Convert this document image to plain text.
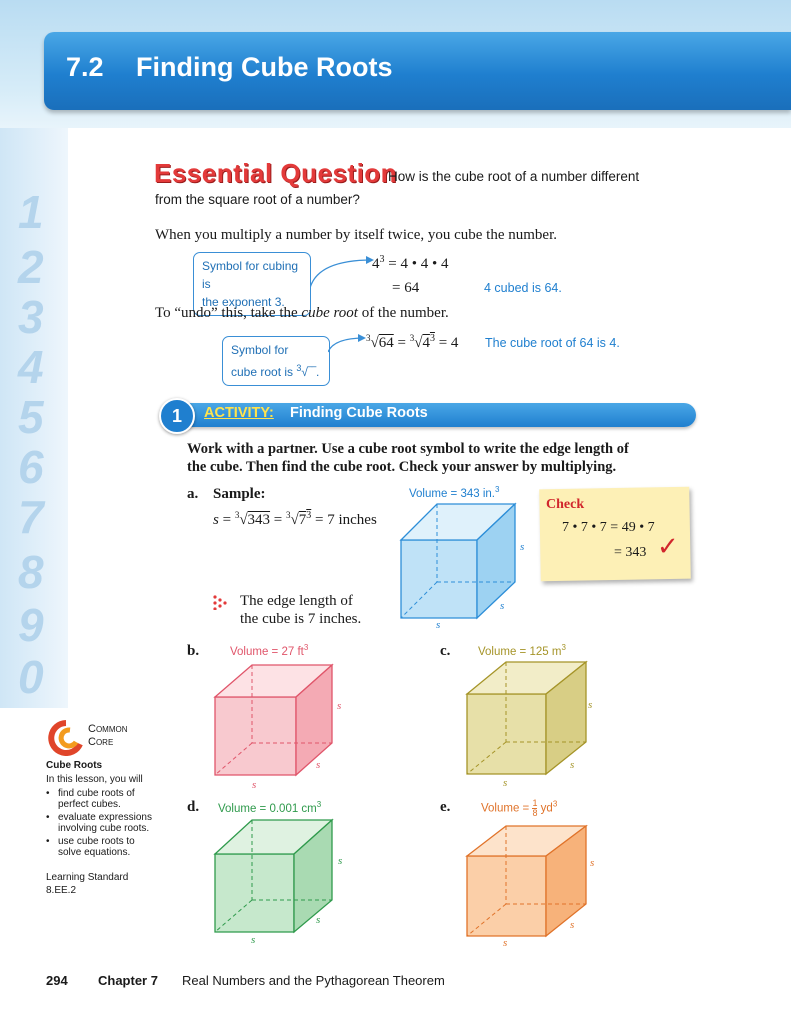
7.2 Finding Cube Roots
1
2
3
4
5
6
7
8
9
0
Essential Question
How is the cube root of a number different
from the square root of a number?
When you multiply a number by itself twice, you cube the number.
Symbol for cubing is
the exponent 3.
$4^3 = 4$ • 4 • 4
= 64	4 cubed is 64.
To “undo” this, take the cube root of the number.
Symbol for
cube root is $^3$√‾‾.
$^3√64 = ^3√4^3 = 4$ The cube root of 64 is 4.
1	ACTIVITY: Finding Cube Roots
Work with a partner. Use a cube root symbol to write the edge length of
the cube. Then find the cube root. Check your answer by multiplying.
a. Sample:
$s = ^3√343 = ^3√7^3 = 7$ inches
The edge length of
the cube is 7 inches.
Volume = 343 in.$^3$
s
s
s
Check
7 • 7 • 7 = 49 • 7
= 343 ✓
b.	Volume = 27 $ft^3$
s
s
s
c. Volume = 125 $m^3$
s
s
s
d. Volume = 0.001 $cm^3$
s
s
s
e.	Volume = $\frac{1}{8} yd^3$
s
s
s
Common
Core
Cube Roots
In this lesson, you will
• find cube roots of perfect cubes.
• evaluate expressions involving cube roots.
• use cube roots to solve equations.
Learning Standard
8.EE.2
294 Chapter 7 Real Numbers and the Pythagorean Theorem
